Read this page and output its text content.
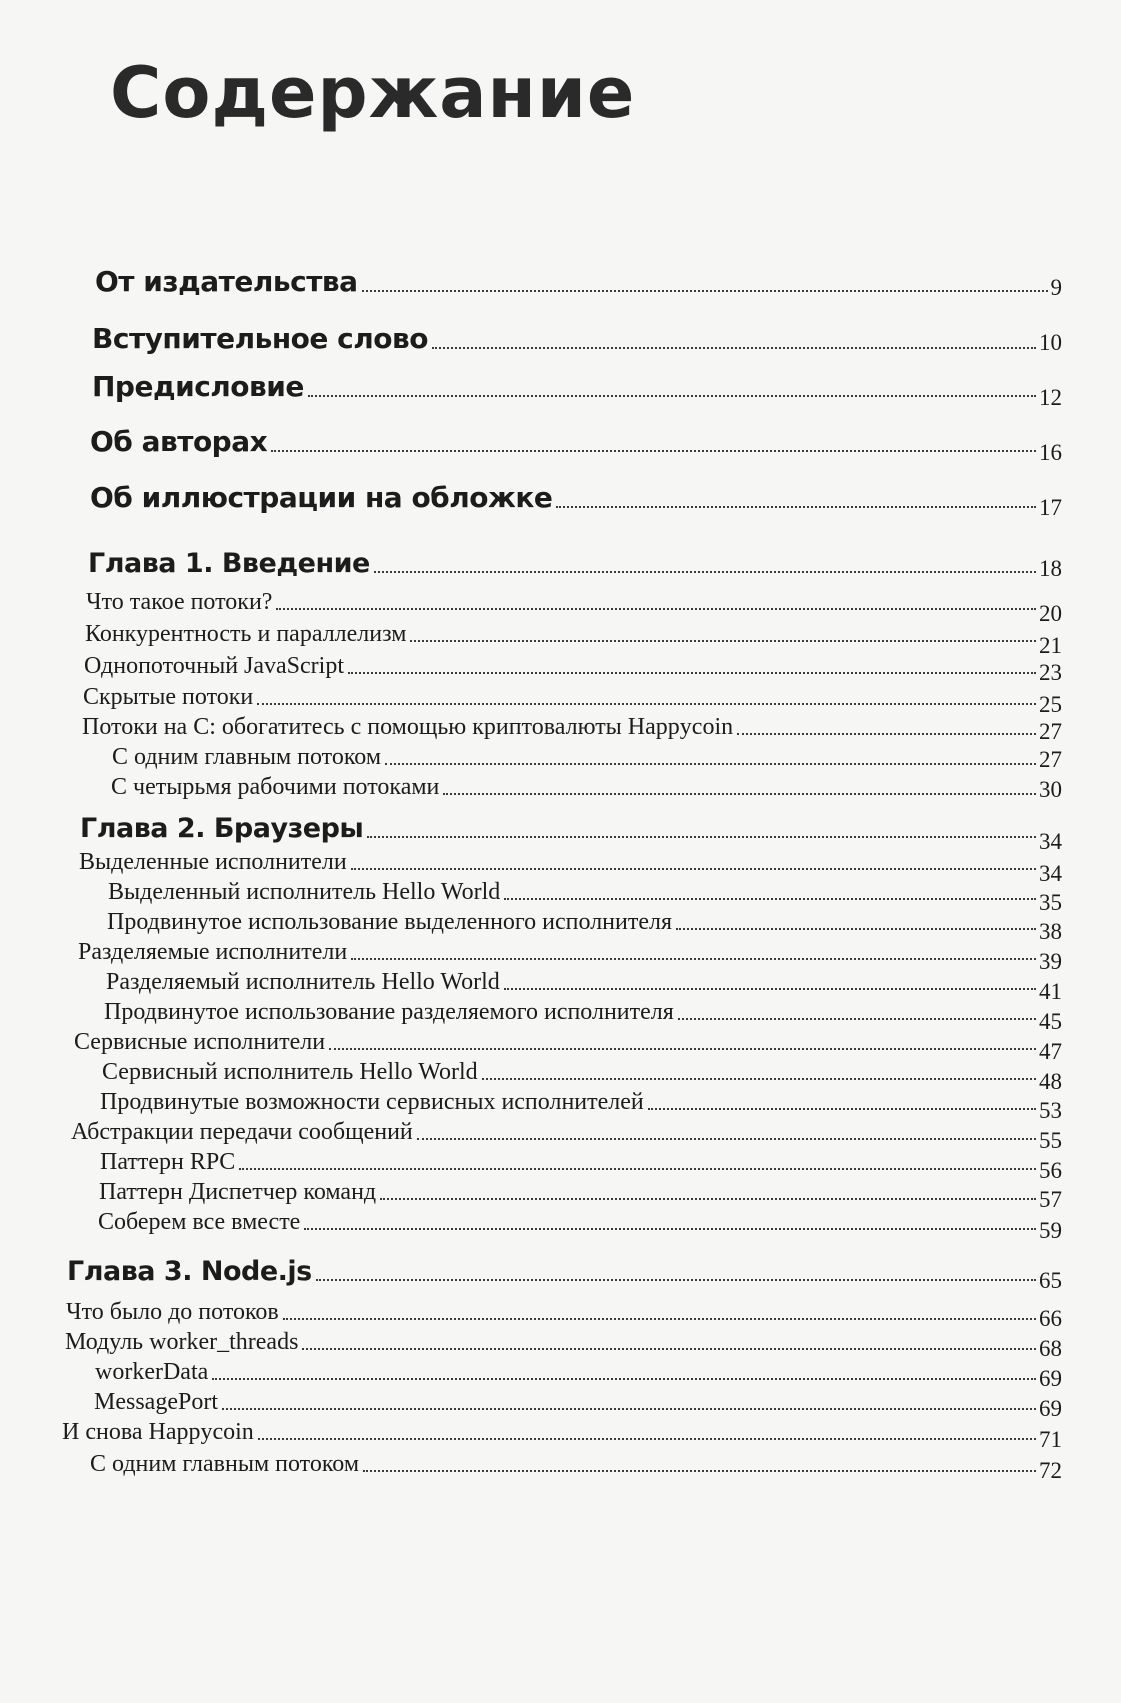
Содержание
От издательства	9
Вступительное слово	10
Предисловие	12
Об авторах	16
Об иллюстрации на обложке	17
Глава 1. Введение	18
Что такое потоки?	20
Конкурентность и параллелизм	21
Однопоточный JavaScript	23
Скрытые потоки	25
Потоки на C: обогатитесь с помощью криптовалюты Happycoin	27
С одним главным потоком	27
С четырьмя рабочими потоками	30
Глава 2. Браузеры	34
Выделенные исполнители	34
Выделенный исполнитель Hello World	35
Продвинутое использование выделенного исполнителя	38
Разделяемые исполнители	39
Разделяемый исполнитель Hello World	41
Продвинутое использование разделяемого исполнителя	45
Сервисные исполнители	47
Сервисный исполнитель Hello World	48
Продвинутые возможности сервисных исполнителей	53
Абстракции передачи сообщений	55
Паттерн RPC	56
Паттерн Диспетчер команд	57
Соберем все вместе	59
Глава 3. Node.js	65
Что было до потоков	66
Модуль worker_threads	68
workerData	69
MessagePort	69
И снова Happycoin	71
С одним главным потоком	72
